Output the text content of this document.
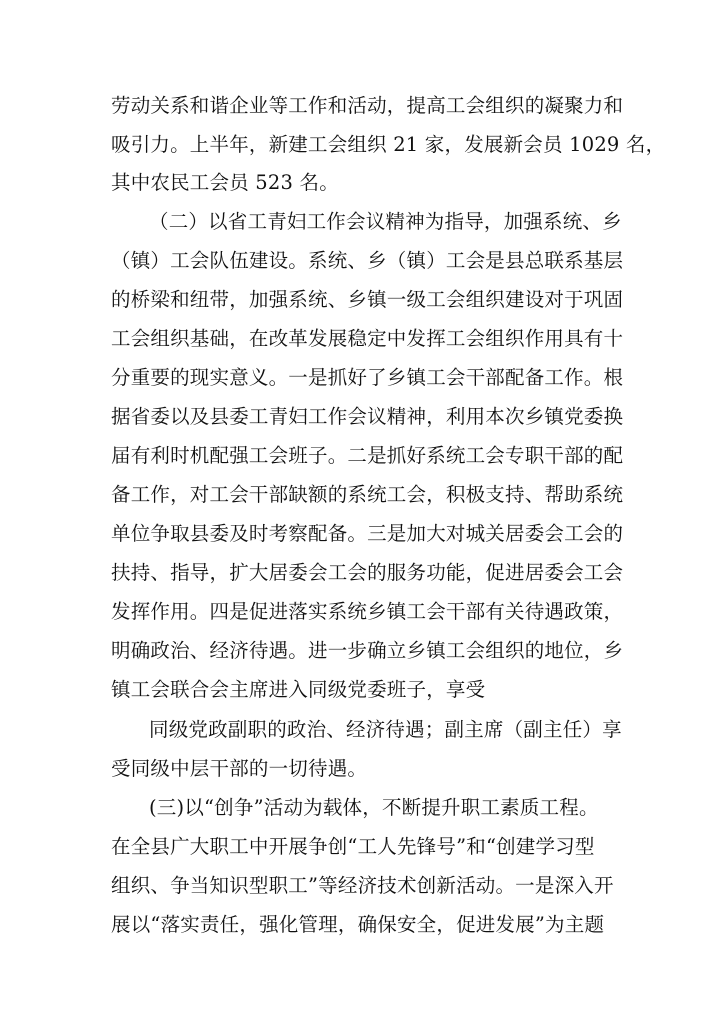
劳动关系和谐企业等工作和活动，提高工会组织的凝聚力和
吸引力。上半年，新建工会组织 21 家，发展新会员 1029 名，
其中农民工会员 523 名。
（二）以省工青妇工作会议精神为指导，加强系统、乡
（镇）工会队伍建设。系统、乡（镇）工会是县总联系基层
的桥梁和纽带，加强系统、乡镇一级工会组织建设对于巩固
工会组织基础，在改革发展稳定中发挥工会组织作用具有十
分重要的现实意义。一是抓好了乡镇工会干部配备工作。根
据省委以及县委工青妇工作会议精神，利用本次乡镇党委换
届有利时机配强工会班子。二是抓好系统工会专职干部的配
备工作，对工会干部缺额的系统工会，积极支持、帮助系统
单位争取县委及时考察配备。三是加大对城关居委会工会的
扶持、指导，扩大居委会工会的服务功能，促进居委会工会
发挥作用。四是促进落实系统乡镇工会干部有关待遇政策，
明确政治、经济待遇。进一步确立乡镇工会组织的地位，乡
镇工会联合会主席进入同级党委班子，享受
同级党政副职的政治、经济待遇；副主席（副主任）享
受同级中层干部的一切待遇。
(三)以“创争”活动为载体，不断提升职工素质工程。
在全县广大职工中开展争创“工人先锋号”和“创建学习型
组织、争当知识型职工”等经济技术创新活动。一是深入开
展以“落实责任，强化管理，确保安全，促进发展”为主题
